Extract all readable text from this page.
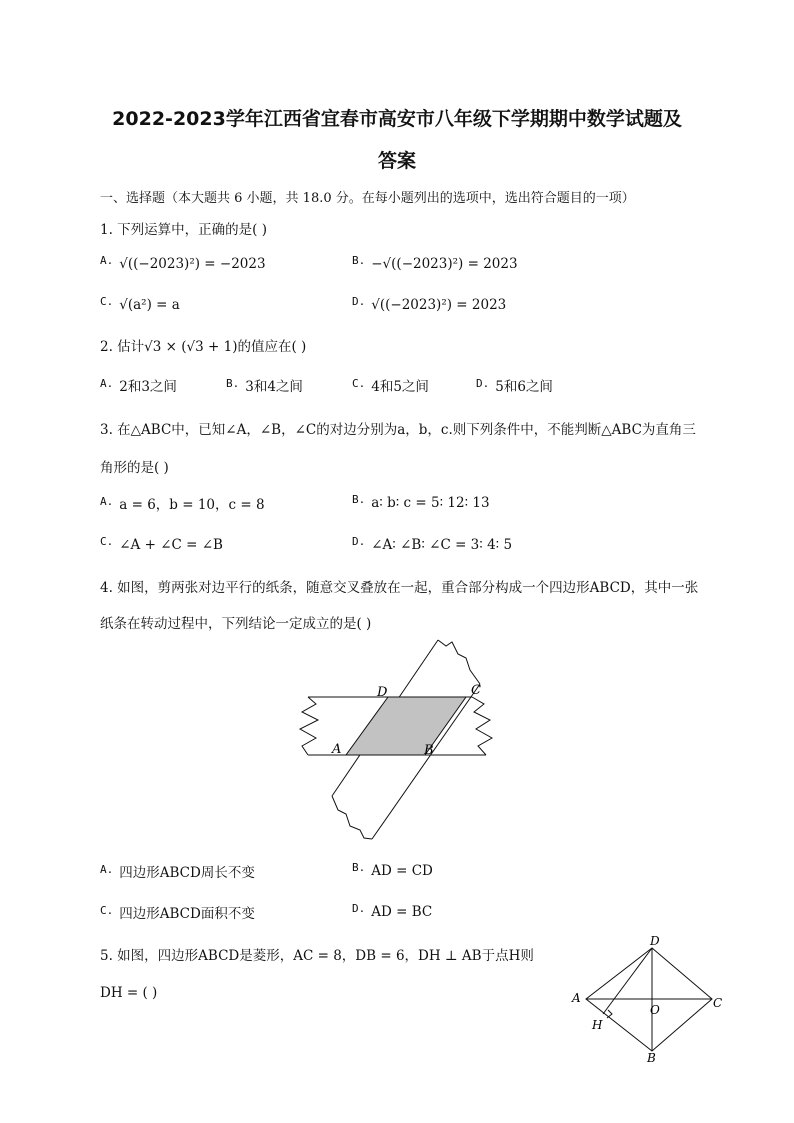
2022-2023学年江西省宜春市高安市八年级下学期期中数学试题及
答案
一、选择题（本大题共 6 小题，共 18.0 分。在每小题列出的选项中，选出符合题目的一项）
1. 下列运算中，正确的是( )
$^{A.}$ √((−2023)²) = −2023	$^{B.}$ −√((−2023)²) = 2023
$^{C.}$ √(a²) = a	$^{D.}$ √((−2023)²) = 2023
2. 估计√3 × (√3 + 1)的值应在( )
$^{A.}$ 2和3之间	$^{B.}$ 3和4之间	$^{C.}$ 4和5之间	$^{D.}$ 5和6之间
3. 在△ABC中，已知∠A，∠B，∠C的对边分别为a，b，c.则下列条件中，不能判断△ABC为直角三
角形的是( )
$^{A.}$ a = 6，b = 10，c = 8	$^{B.}$ a∶ b∶ c = 5∶ 12∶ 13
$^{C.}$ ∠A + ∠C = ∠B	$^{D.}$ ∠A∶ ∠B∶ ∠C = 3∶ 4∶ 5
4. 如图，剪两张对边平行的纸条，随意交叉叠放在一起，重合部分构成一个四边形ABCD，其中一张
纸条在转动过程中，下列结论一定成立的是( )
D	C
A	B
$^{A.}$ 四边形ABCD周长不变	$^{B.}$ AD = CD
$^{C.}$ 四边形ABCD面积不变	$^{D.}$ AD = BC
5. 如图，四边形ABCD是菱形，AC = 8，DB = 6，DH ⊥ AB于点H则
DH = ( )
D
C
A
B
H
O
